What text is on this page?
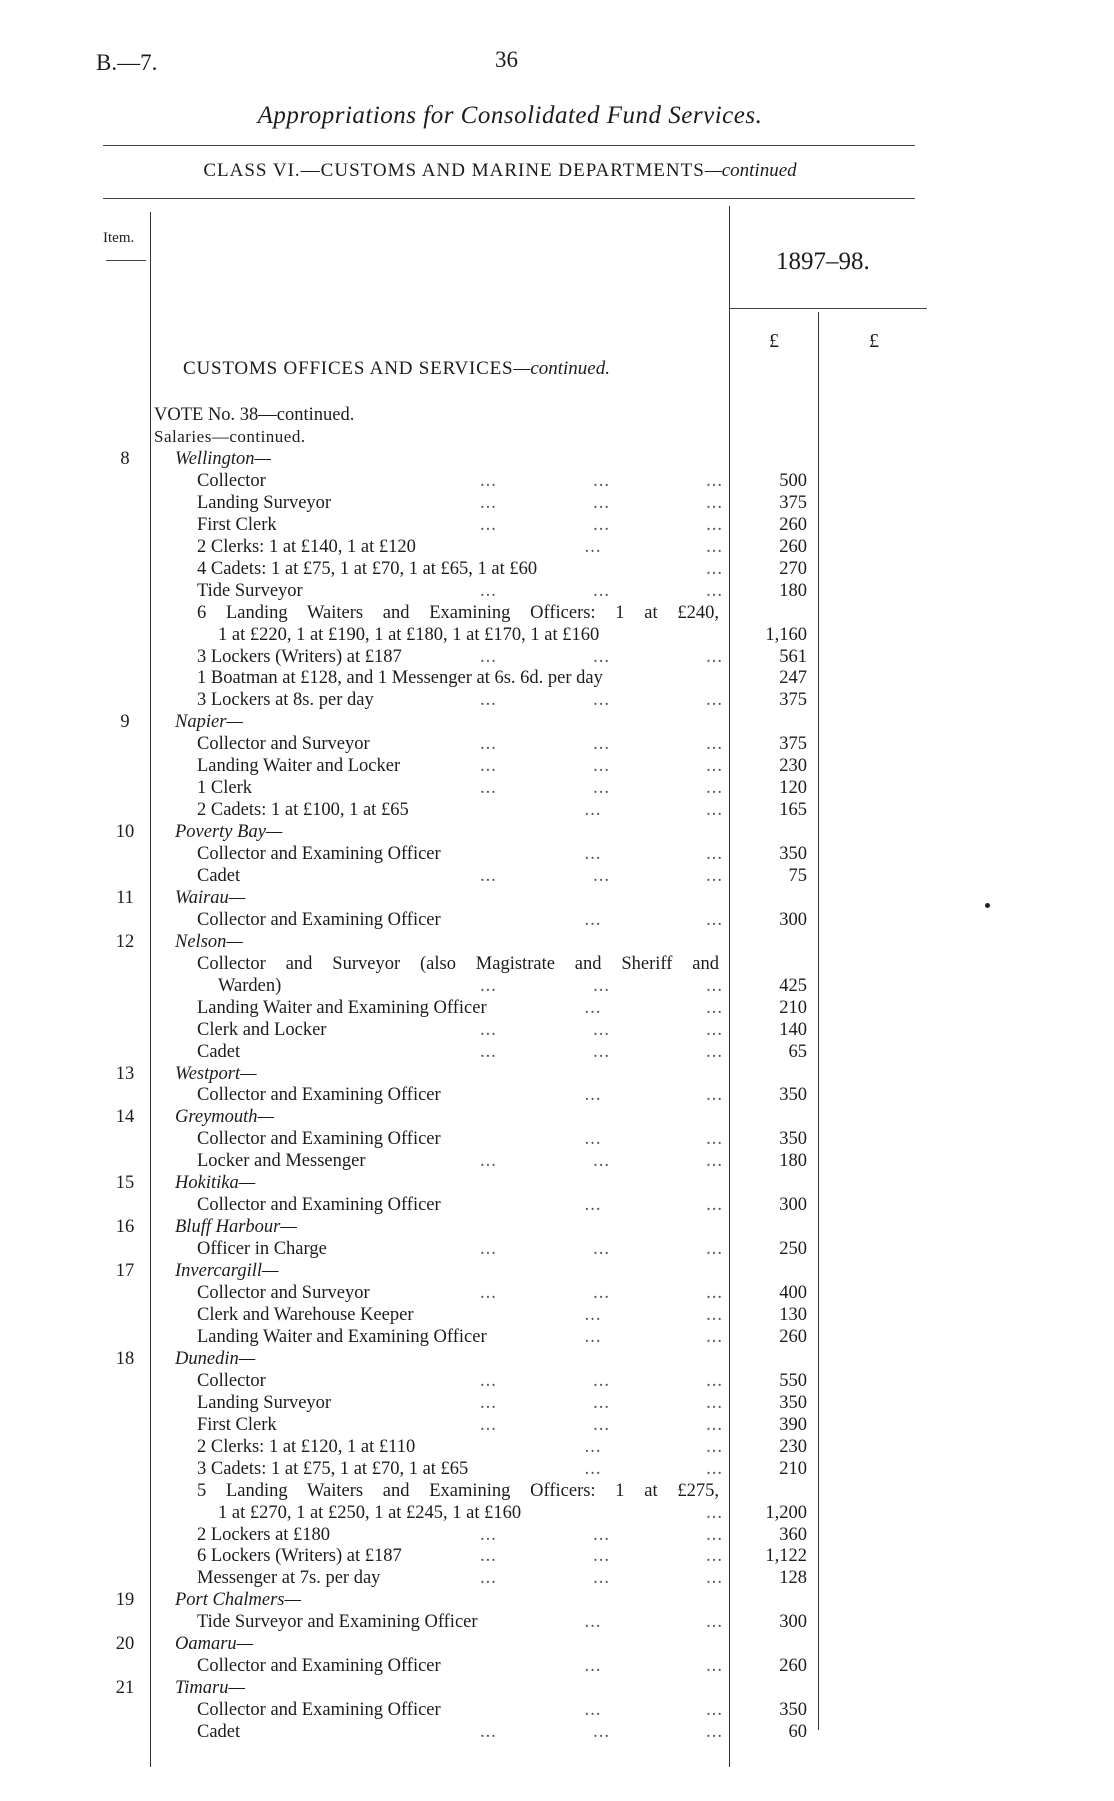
B.—7.	36
Appropriations for Consolidated Fund Services.
CLASS VI.—CUSTOMS AND MARINE DEPARTMENTS—continued
Item.
1897–98.
£	£
CUSTOMS OFFICES AND SERVICES—continued.
VOTE No. 38—continued.
Salaries—continued.
8	Wellington—
Collector	...	...	...	500
Landing Surveyor	...	...	...	375
First Clerk	...	...	...	260
2 Clerks: 1 at £140, 1 at £120	...	...	260
4 Cadets: 1 at £75, 1 at £70, 1 at £65, 1 at £60	...	270
Tide Surveyor	...	...	...	180
6 Landing Waiters and Examining Officers: 1 at £240,
1 at £220, 1 at £190, 1 at £180, 1 at £170, 1 at £160	1,160
3 Lockers (Writers) at £187	...	...	...	561
1 Boatman at £128, and 1 Messenger at 6s. 6d. per day	247
3 Lockers at 8s. per day	...	...	...	375
9	Napier—
Collector and Surveyor	...	...	...	375
Landing Waiter and Locker	...	...	...	230
1 Clerk	...	...	...	120
2 Cadets: 1 at £100, 1 at £65	...	...	165
10	Poverty Bay—
Collector and Examining Officer	...	...	350
Cadet	...	...	...	75
11	Wairau—
Collector and Examining Officer	...	...	300
12	Nelson—
Collector and Surveyor (also Magistrate and Sheriff and
Warden)	...	...	...	425
Landing Waiter and Examining Officer	...	...	210
Clerk and Locker	...	...	...	140
Cadet	...	...	...	65
13	Westport—
Collector and Examining Officer	...	...	350
14	Greymouth—
Collector and Examining Officer	...	...	350
Locker and Messenger	...	...	...	180
15	Hokitika—
Collector and Examining Officer	...	...	300
16	Bluff Harbour—
Officer in Charge	...	...	...	250
17	Invercargill—
Collector and Surveyor	...	...	...	400
Clerk and Warehouse Keeper	...	...	130
Landing Waiter and Examining Officer	...	...	260
18	Dunedin—
Collector	...	...	...	550
Landing Surveyor	...	...	...	350
First Clerk	...	...	...	390
2 Clerks: 1 at £120, 1 at £110	...	...	230
3 Cadets: 1 at £75, 1 at £70, 1 at £65	...	...	210
5 Landing Waiters and Examining Officers: 1 at £275,
1 at £270, 1 at £250, 1 at £245, 1 at £160	...	1,200
2 Lockers at £180	...	...	...	360
6 Lockers (Writers) at £187	...	...	...	1,122
Messenger at 7s. per day	...	...	...	128
19	Port Chalmers—
Tide Surveyor and Examining Officer	...	...	300
20	Oamaru—
Collector and Examining Officer	...	...	260
21	Timaru—
Collector and Examining Officer	...	...	350
Cadet	...	...	...	60
